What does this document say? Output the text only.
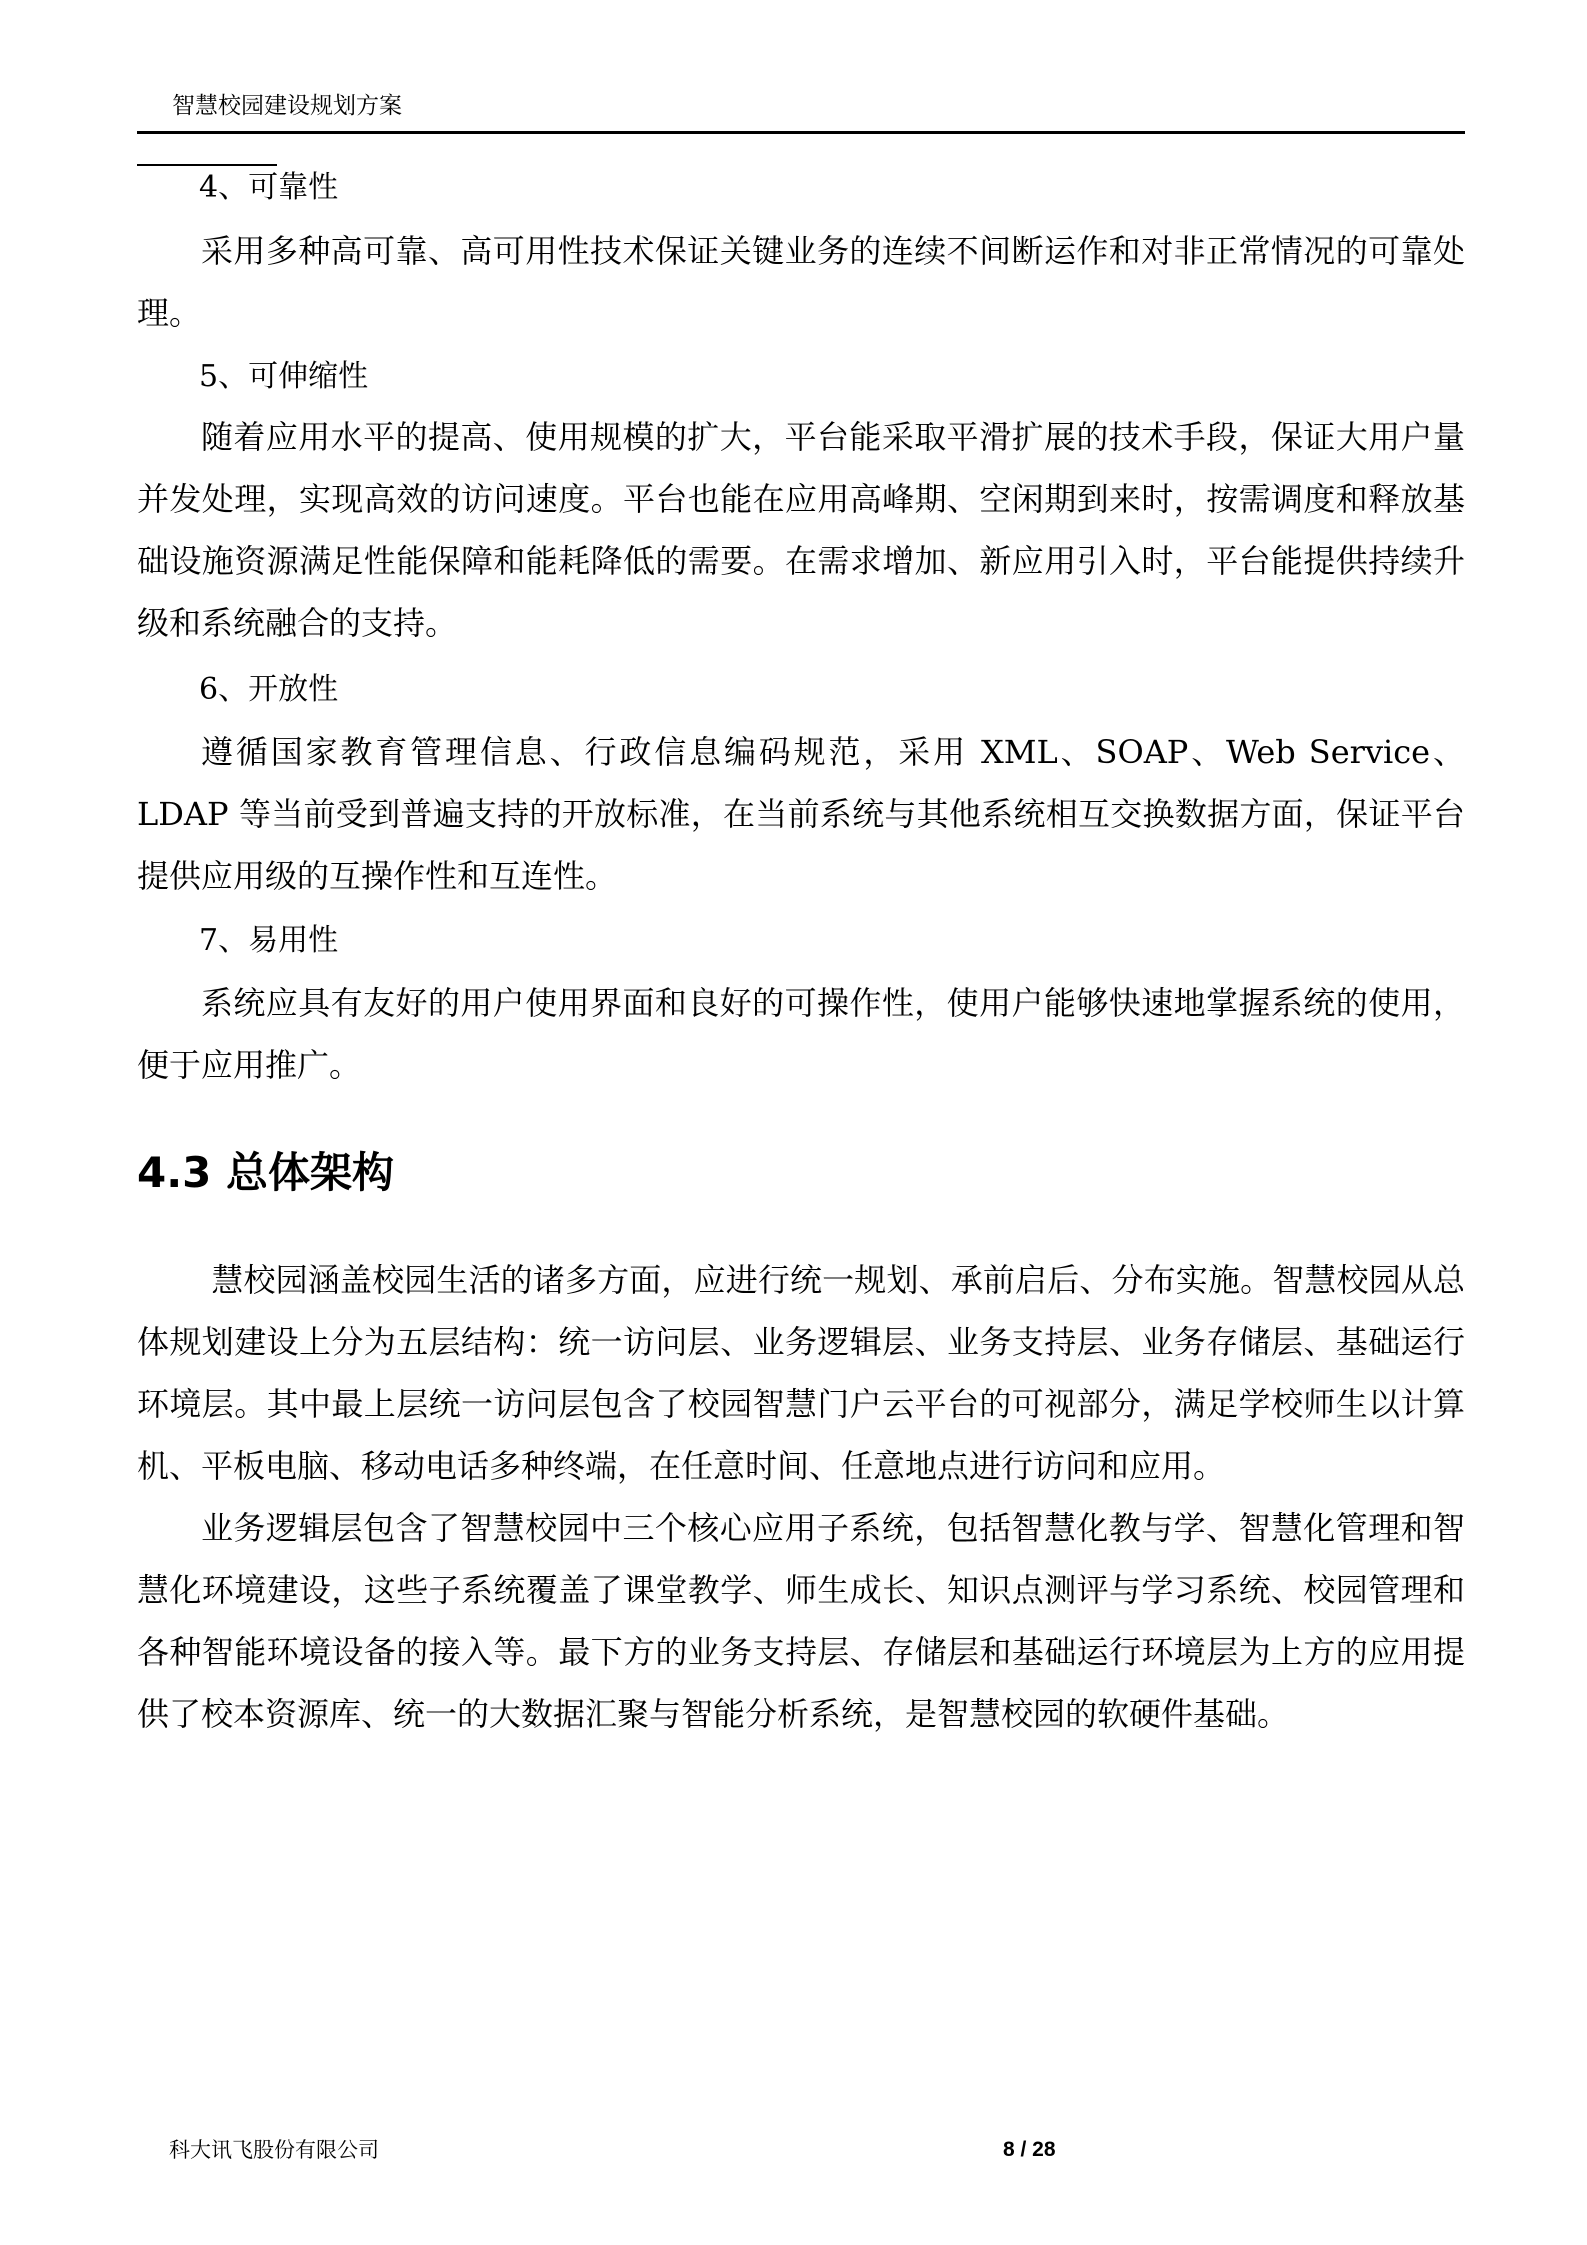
智慧校园建设规划方案
4、可靠性

采用多种高可靠、高可用性技术保证关键业务的连续不间断运作和对非正常情况的可靠处理。

5、可伸缩性

随着应用水平的提高、使用规模的扩大，平台能采取平滑扩展的技术手段，保证大用户量并发处理，实现高效的访问速度。平台也能在应用高峰期、空闲期到来时，按需调度和释放基础设施资源满足性能保障和能耗降低的需要。在需求增加、新应用引入时，平台能提供持续升级和系统融合的支持。

6、开放性

遵循国家教育管理信息、行政信息编码规范，采用 XML、SOAP、Web Service、LDAP 等当前受到普遍支持的开放标准，在当前系统与其他系统相互交换数据方面，保证平台提供应用级的互操作性和互连性。

7、易用性

系统应具有友好的用户使用界面和良好的可操作性，使用户能够快速地掌握系统的使用，便于应用推广。

4.3 总体架构

慧校园涵盖校园生活的诸多方面，应进行统一规划、承前启后、分布实施。智慧校园从总体规划建设上分为五层结构：统一访问层、业务逻辑层、业务支持层、业务存储层、基础运行环境层。其中最上层统一访问层包含了校园智慧门户云平台的可视部分，满足学校师生以计算机、平板电脑、移动电话多种终端，在任意时间、任意地点进行访问和应用。

业务逻辑层包含了智慧校园中三个核心应用子系统，包括智慧化教与学、智慧化管理和智慧化环境建设，这些子系统覆盖了课堂教学、师生成长、知识点测评与学习系统、校园管理和各种智能环境设备的接入等。最下方的业务支持层、存储层和基础运行环境层为上方的应用提供了校本资源库、统一的大数据汇聚与智能分析系统，是智慧校园的软硬件基础。

科大讯飞股份有限公司	8 / 28
